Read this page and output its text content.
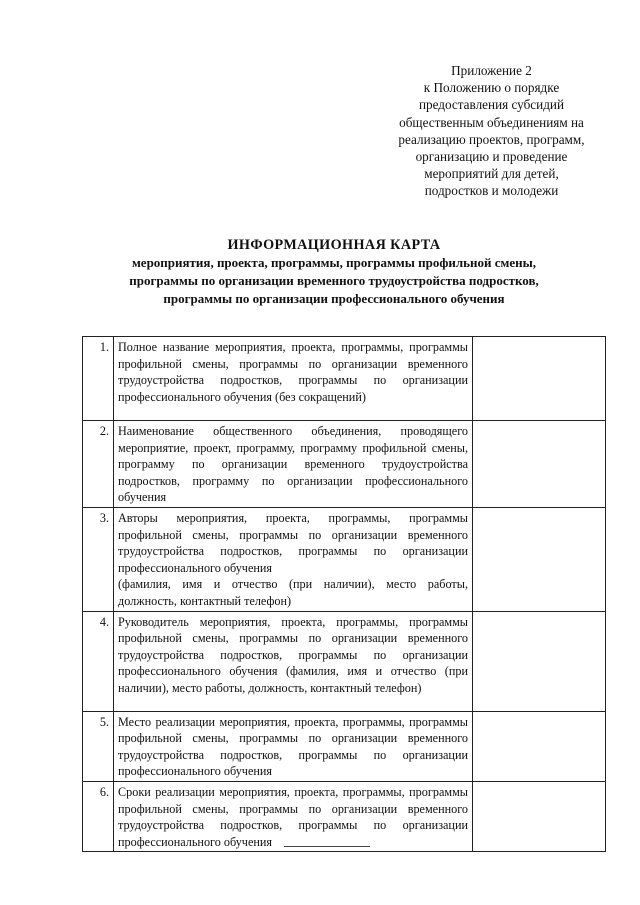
Приложение 2
к Положению о порядке
предоставления субсидий
общественным объединениям на
реализацию проектов, программ,
организацию и проведение
мероприятий для детей,
подростков и молодежи
ИНФОРМАЦИОННАЯ КАРТА
мероприятия, проекта, программы, программы профильной смены,
программы по организации временного трудоустройства подростков,
программы по организации профессионального обучения
1.	Полное название мероприятия, проекта, программы, программы профильной смены, программы по организации временного трудоустройства подростков, программы по организации профессионального обучения (без сокращений)	
2.	Наименование общественного объединения, проводящего мероприятие, проект, программу, программу профильной смены, программу по организации временного трудоустройства подростков, программу по организации профессионального обучения	
3.	Авторы мероприятия, проекта, программы, программы профильной смены, программы по организации временного трудоустройства подростков, программы по организации профессионального обучения
(фамилия, имя и отчество (при наличии), место работы, должность, контактный телефон)	

4.	Руководитель мероприятия, проекта, программы, программы профильной смены, программы по организации временного трудоустройства подростков, программы по организации профессионального обучения (фамилия, имя и отчество (при наличии), место работы, должность, контактный телефон)	
5.	Место реализации мероприятия, проекта, программы, программы профильной смены, программы по организации временного трудоустройства подростков, программы по организации профессионального обучения	
6.	Сроки реализации мероприятия, проекта, программы, программы профильной смены, программы по организации временного трудоустройства подростков, программы по организации профессионального обучения	
